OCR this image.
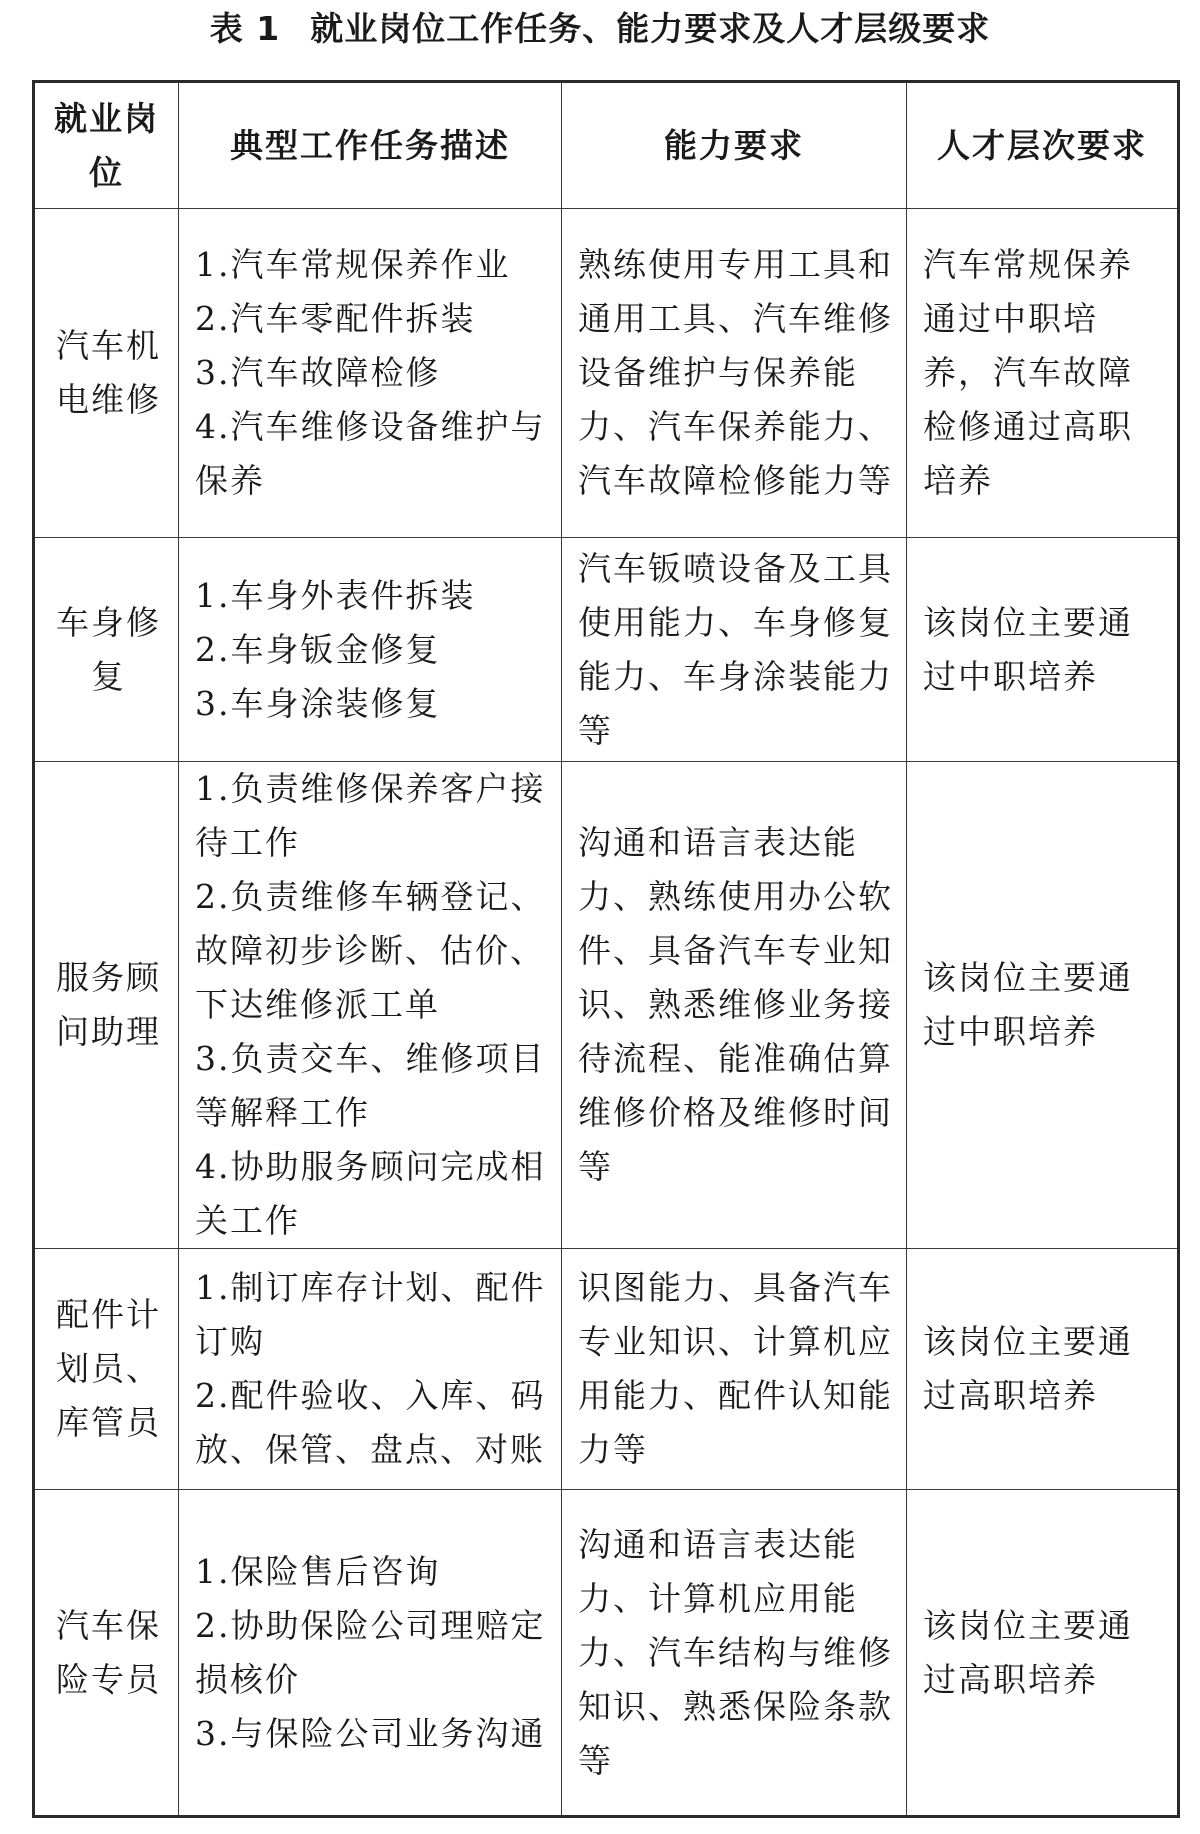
表 1 就业岗位工作任务、能力要求及人才层级要求
就业岗位	典型工作任务描述	能力要求	人才层次要求
汽车机电维修	1.汽车常规保养作业
2.汽车零配件拆装
3.汽车故障检修
4.汽车维修设备维护与保养	熟练使用专用工具和通用工具、汽车维修设备维护与保养能力、汽车保养能力、汽车故障检修能力等	汽车常规保养通过中职培养，汽车故障检修通过高职培养
车身修复	1.车身外表件拆装
2.车身钣金修复
3.车身涂装修复	汽车钣喷设备及工具使用能力、车身修复能力、车身涂装能力等	该岗位主要通过中职培养
服务顾问助理	1.负责维修保养客户接待工作
2.负责维修车辆登记、故障初步诊断、估价、下达维修派工单
3.负责交车、维修项目等解释工作
4.协助服务顾问完成相关工作	沟通和语言表达能力、熟练使用办公软件、具备汽车专业知识、熟悉维修业务接待流程、能准确估算维修价格及维修时间等	该岗位主要通过中职培养
配件计划员、库管员	1.制订库存计划、配件订购
2.配件验收、入库、码放、保管、盘点、对账	识图能力、具备汽车专业知识、计算机应用能力、配件认知能力等	该岗位主要通过高职培养
汽车保险专员	1.保险售后咨询
2.协助保险公司理赔定损核价
3.与保险公司业务沟通	沟通和语言表达能力、计算机应用能力、汽车结构与维修知识、熟悉保险条款等	该岗位主要通过高职培养
